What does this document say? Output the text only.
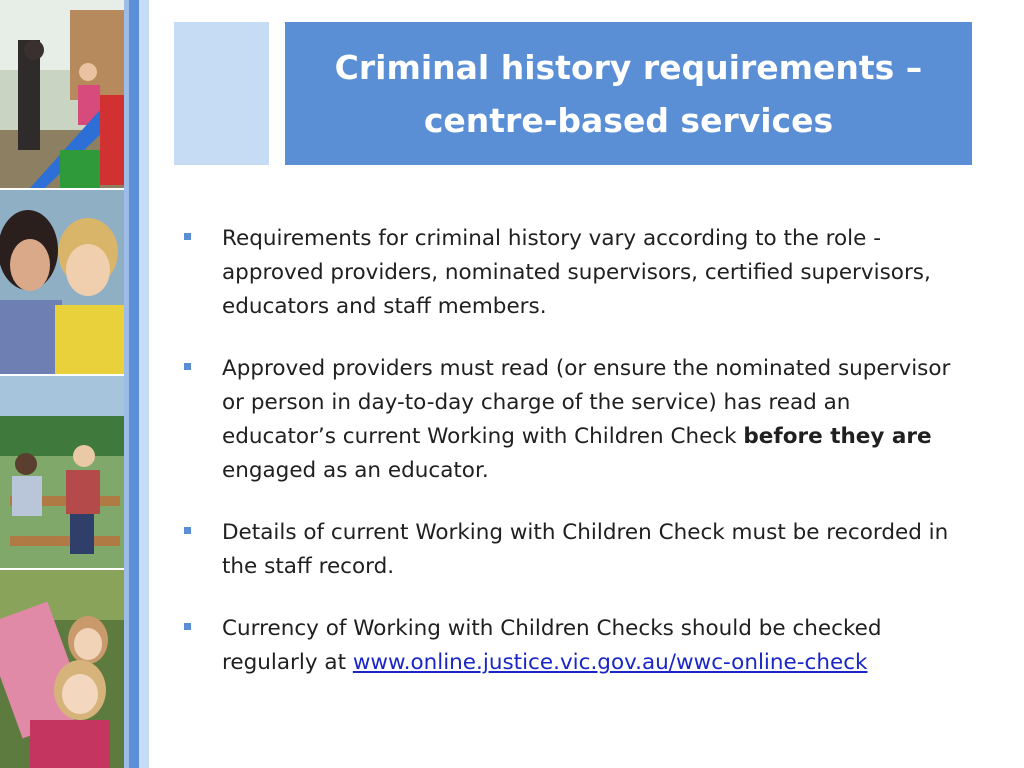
Criminal history requirements –
centre-based services
Requirements for criminal history vary according to the role - approved providers, nominated supervisors, certified supervisors, educators and staff members.
Approved providers must read (or ensure the nominated supervisor or person in day-to-day charge of the service) has read an educator’s current Working with Children Check before they are engaged as an educator.
Details of current Working with Children Check must be recorded in the staff record.
Currency of Working with Children Checks should be checked regularly at www.online.justice.vic.gov.au/wwc-online-check
